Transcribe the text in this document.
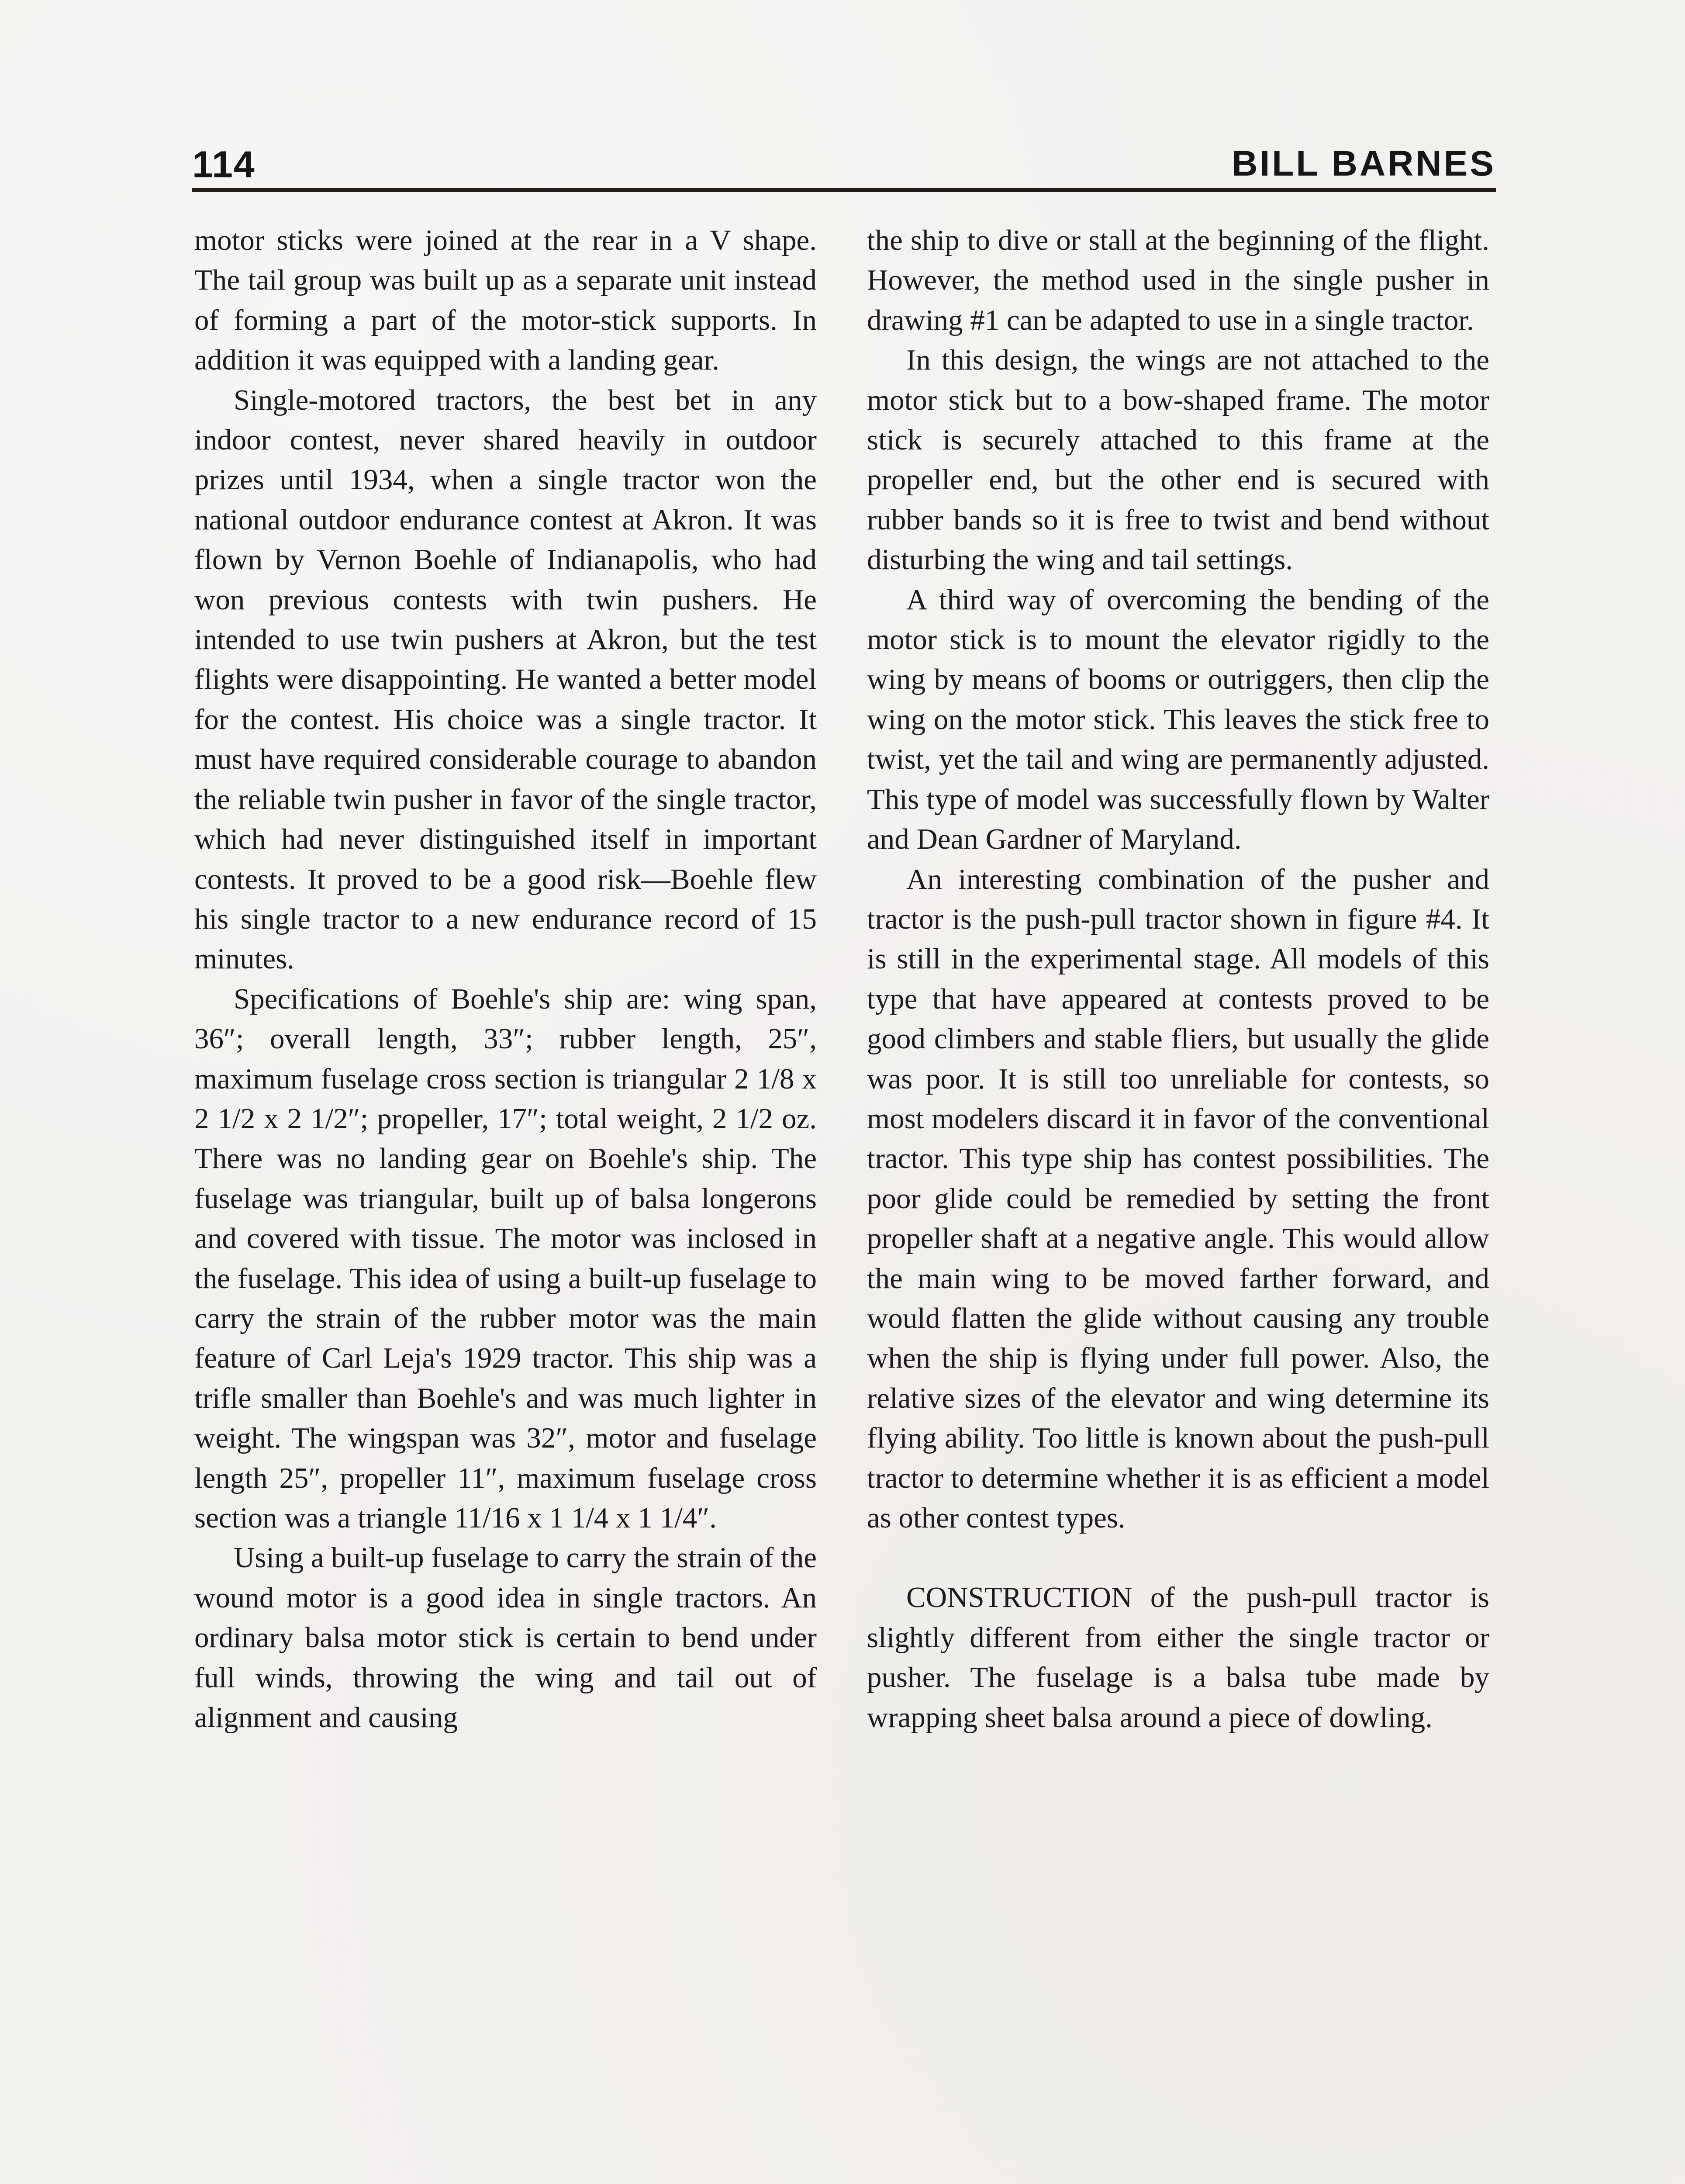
114	BILL BARNES

motor sticks were joined at the rear in a V shape. The tail group was built up as a separate unit instead of forming a part of the motor-stick supports. In addition it was equipped with a landing gear.

Single-motored tractors, the best bet in any indoor contest, never shared heavily in outdoor prizes until 1934, when a single tractor won the national outdoor endurance contest at Akron. It was flown by Vernon Boehle of Indianapolis, who had won previous contests with twin pushers. He intended to use twin pushers at Akron, but the test flights were disappointing. He wanted a better model for the contest. His choice was a single tractor. It must have required considerable courage to abandon the reliable twin pusher in favor of the single tractor, which had never distinguished itself in important contests. It proved to be a good risk—Boehle flew his single tractor to a new endurance record of 15 minutes.

Specifications of Boehle's ship are: wing span, 36″; overall length, 33″; rubber length, 25″, maximum fuselage cross section is triangular 2 1/8 x 2 1/2 x 2 1/2″; propeller, 17″; total weight, 2 1/2 oz. There was no landing gear on Boehle's ship. The fuselage was triangular, built up of balsa longerons and covered with tissue. The motor was inclosed in the fuselage. This idea of using a built-up fuselage to carry the strain of the rubber motor was the main feature of Carl Leja's 1929 tractor. This ship was a trifle smaller than Boehle's and was much lighter in weight. The wingspan was 32″, motor and fuselage length 25″, propeller 11″, maximum fuselage cross section was a triangle 11/16 x 1 1/4 x 1 1/4″.

Using a built-up fuselage to carry the strain of the wound motor is a good idea in single tractors. An ordinary balsa motor stick is certain to bend under full winds, throwing the wing and tail out of alignment and causing

the ship to dive or stall at the beginning of the flight. However, the method used in the single pusher in drawing #1 can be adapted to use in a single tractor.

In this design, the wings are not attached to the motor stick but to a bow-shaped frame. The motor stick is securely attached to this frame at the propeller end, but the other end is secured with rubber bands so it is free to twist and bend without disturbing the wing and tail settings.

A third way of overcoming the bending of the motor stick is to mount the elevator rigidly to the wing by means of booms or outriggers, then clip the wing on the motor stick. This leaves the stick free to twist, yet the tail and wing are permanently adjusted. This type of model was successfully flown by Walter and Dean Gardner of Maryland.

An interesting combination of the pusher and tractor is the push-pull tractor shown in figure #4. It is still in the experimental stage. All models of this type that have appeared at contests proved to be good climbers and stable fliers, but usually the glide was poor. It is still too unreliable for contests, so most modelers discard it in favor of the conventional tractor. This type ship has contest possibilities. The poor glide could be remedied by setting the front propeller shaft at a negative angle. This would allow the main wing to be moved farther forward, and would flatten the glide without causing any trouble when the ship is flying under full power. Also, the relative sizes of the elevator and wing determine its flying ability. Too little is known about the push-pull tractor to determine whether it is as efficient a model as other contest types.

CONSTRUCTION of the push-pull tractor is slightly different from either the single tractor or pusher. The fuselage is a balsa tube made by wrapping sheet balsa around a piece of dowling.
